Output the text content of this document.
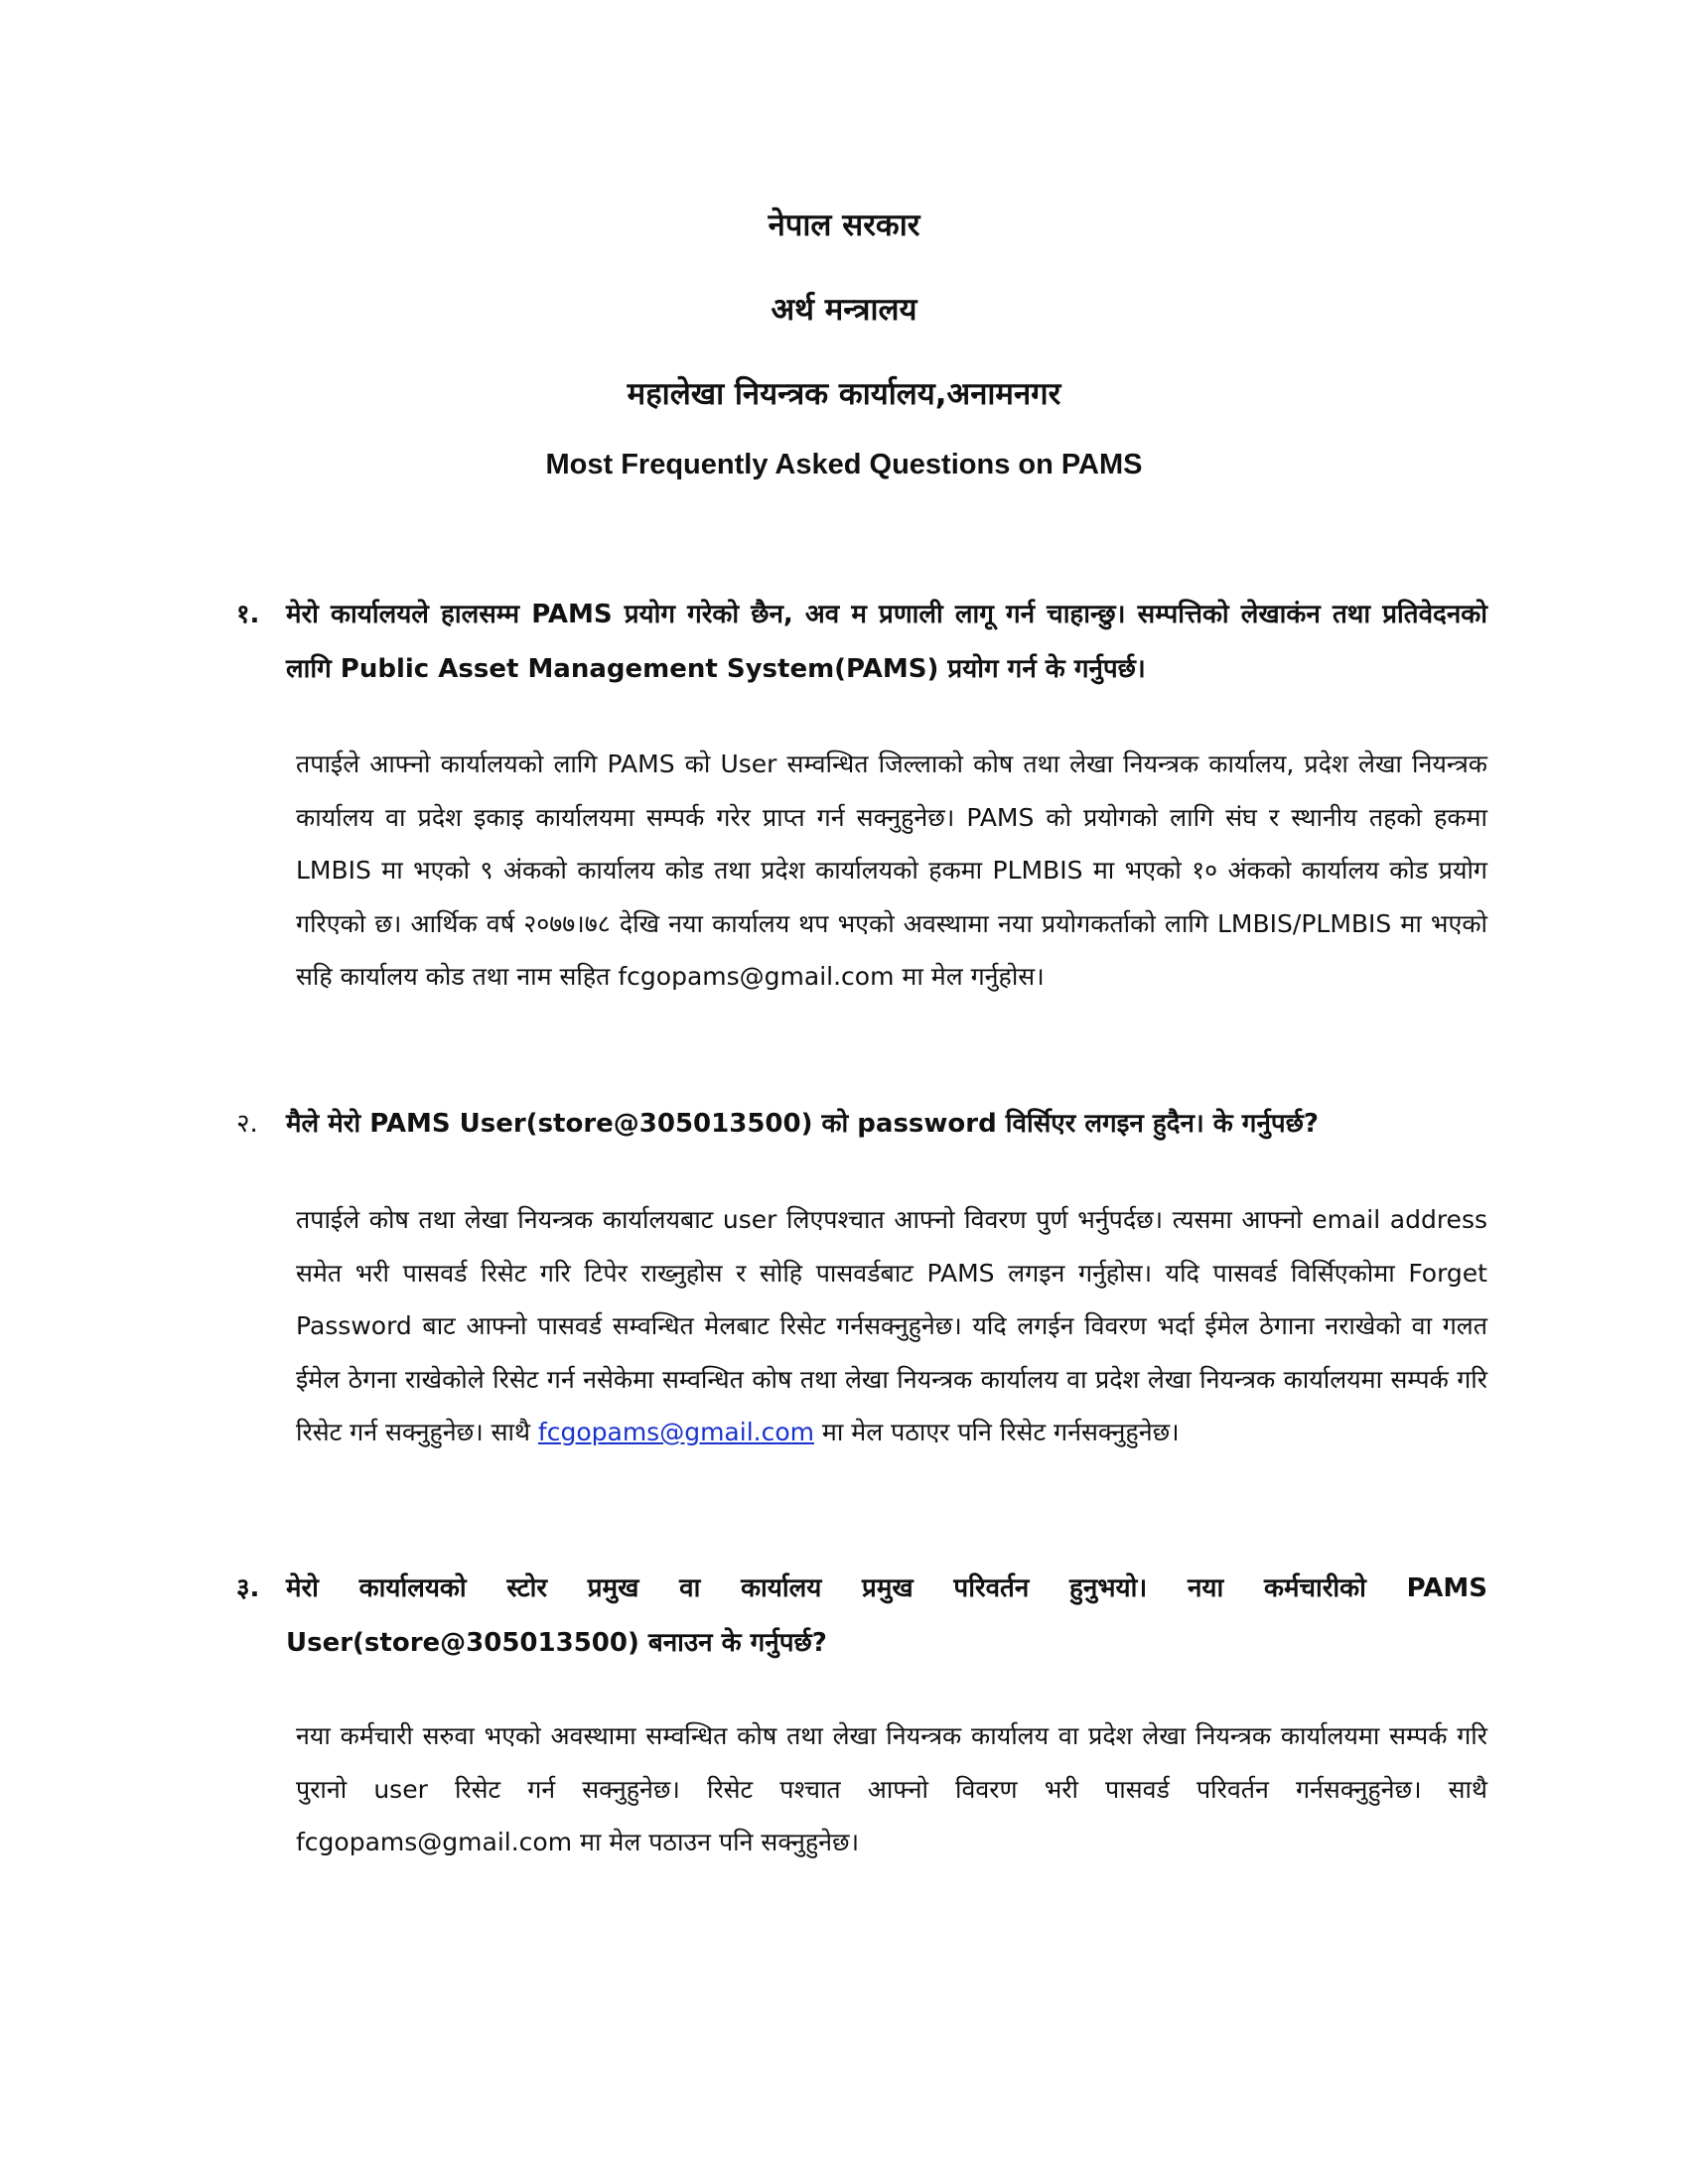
नेपाल सरकार
अर्थ मन्त्रालय
महालेखा नियन्त्रक कार्यालय,अनामनगर
Most Frequently Asked Questions on PAMS
१.	मेरो कार्यालयले हालसम्म PAMS प्रयोग गरेको छैन, अव म प्रणाली लागू गर्न चाहान्छु। सम्पत्तिको लेखाकंन तथा प्रतिवेदनको लागि Public Asset Management System(PAMS) प्रयोग गर्न के गर्नुपर्छ।
तपाईले आफ्नो कार्यालयको लागि PAMS को User सम्वन्धित जिल्लाको कोष तथा लेखा नियन्त्रक कार्यालय, प्रदेश लेखा नियन्त्रक कार्यालय वा प्रदेश इकाइ कार्यालयमा सम्पर्क गरेर प्राप्त गर्न सक्नुहुनेछ। PAMS को प्रयोगको लागि संघ र स्थानीय तहको हकमा LMBIS मा भएको ९ अंकको कार्यालय कोड तथा प्रदेश कार्यालयको हकमा PLMBIS मा भएको १० अंकको कार्यालय कोड प्रयोग गरिएको छ। आर्थिक वर्ष २०७७।७८ देखि नया कार्यालय थप भएको अवस्थामा नया प्रयोगकर्ताको लागि LMBIS/PLMBIS मा भएको सहि कार्यालय कोड तथा नाम सहित fcgopams@gmail.com मा मेल गर्नुहोस।
२.	मैले मेरो PAMS User(store@305013500) को password विर्सिएर लगइन हुदैन। के गर्नुपर्छ?
तपाईले कोष तथा लेखा नियन्त्रक कार्यालयबाट user लिएपश्चात आफ्नो विवरण पुर्ण भर्नुपर्दछ। त्यसमा आफ्नो email address समेत भरी पासवर्ड रिसेट गरि टिपेर राख्नुहोस र सोहि पासवर्डबाट PAMS लगइन गर्नुहोस। यदि पासवर्ड विर्सिएकोमा Forget Password बाट आफ्नो पासवर्ड सम्वन्धित मेलबाट रिसेट गर्नसक्नुहुनेछ। यदि लगईन विवरण भर्दा ईमेल ठेगाना नराखेको वा गलत ईमेल ठेगना राखेकोले रिसेट गर्न नसेकेमा सम्वन्धित कोष तथा लेखा नियन्त्रक कार्यालय वा प्रदेश लेखा नियन्त्रक कार्यालयमा सम्पर्क गरि रिसेट गर्न सक्नुहुनेछ। साथै fcgopams@gmail.com मा मेल पठाएर पनि रिसेट गर्नसक्नुहुनेछ।
३.	मेरो कार्यालयको स्टोर प्रमुख वा कार्यालय प्रमुख परिवर्तन हुनुभयो। नया कर्मचारीको PAMS User(store@305013500) बनाउन के गर्नुपर्छ?
नया कर्मचारी सरुवा भएको अवस्थामा सम्वन्धित कोष तथा लेखा नियन्त्रक कार्यालय वा प्रदेश लेखा नियन्त्रक कार्यालयमा सम्पर्क गरि पुरानो user रिसेट गर्न सक्नुहुनेछ। रिसेट पश्चात आफ्नो विवरण भरी पासवर्ड परिवर्तन गर्नसक्नुहुनेछ। साथै fcgopams@gmail.com मा मेल पठाउन पनि सक्नुहुनेछ।
